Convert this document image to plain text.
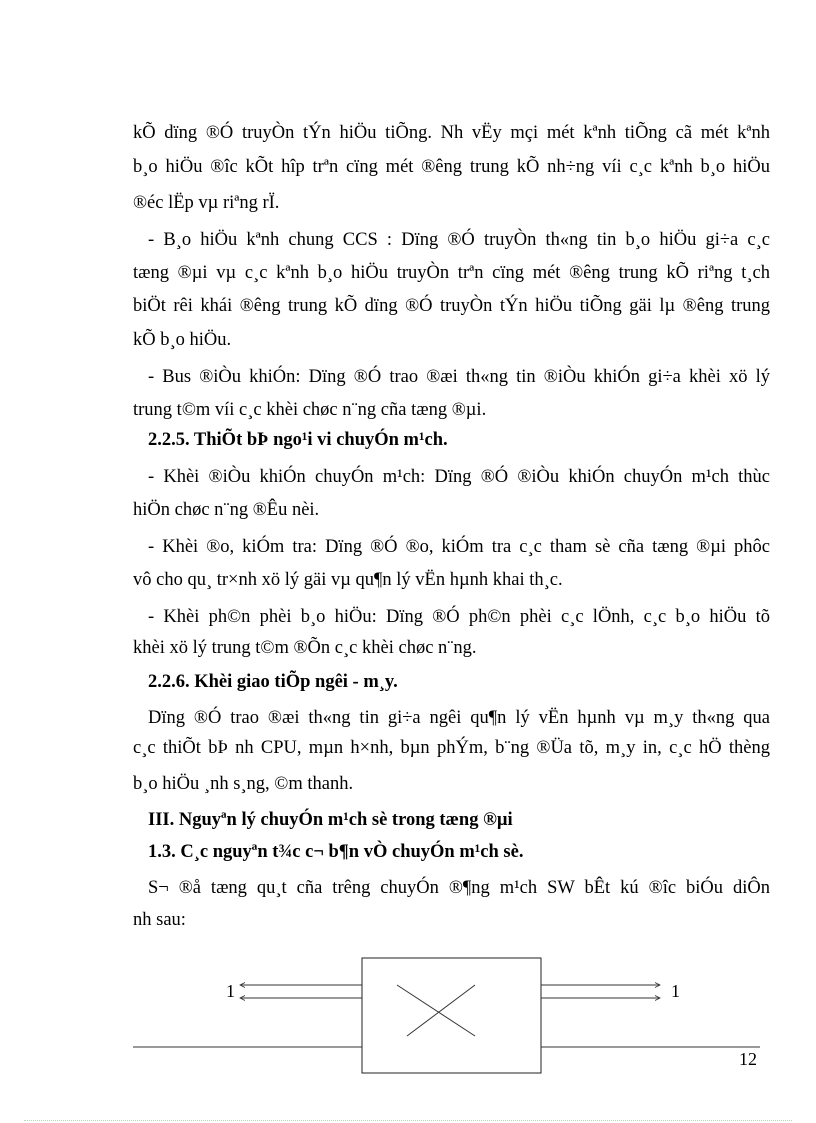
kÕ dïng ®Ó truyÒn tÝn hiÖu tiÕng. Nh vËy mçi mét kªnh tiÕng cã mét kªnh
b¸o hiÖu ®îc kÕt hîp trªn cïng mét ®êng trung kÕ nh÷ng víi c¸c kªnh b¸o hiÖu
®éc lËp vµ riªng rÏ.
- B¸o hiÖu kªnh chung CCS : Dïng ®Ó truyÒn th«ng tin b¸o hiÖu gi÷a c¸c
tæng ®µi vµ c¸c kªnh b¸o hiÖu truyÒn trªn cïng mét ®êng trung kÕ riªng t¸ch
biÖt rêi khái ®êng trung kÕ dïng ®Ó truyÒn tÝn hiÖu tiÕng gäi lµ ®êng trung
kÕ b¸o hiÖu.
- Bus ®iÒu khiÓn: Dïng ®Ó trao ®æi th«ng tin ®iÒu khiÓn gi÷a khèi xö lý
trung t©m víi c¸c khèi chøc n¨ng cña tæng ®µi.
2.2.5. ThiÕt bÞ ngo¹i vi chuyÓn m¹ch.
- Khèi ®iÒu khiÓn chuyÓn m¹ch: Dïng ®Ó ®iÒu khiÓn chuyÓn m¹ch thùc
hiÖn chøc n¨ng ®Êu nèi.
- Khèi ®o, kiÓm tra: Dïng ®Ó ®o, kiÓm tra c¸c tham sè cña tæng ®µi phôc
vô cho qu¸ tr×nh xö lý gäi vµ qu¶n lý vËn hµnh khai th¸c.
- Khèi ph©n phèi b¸o hiÖu: Dïng ®Ó ph©n phèi c¸c lÖnh, c¸c b¸o hiÖu tõ
khèi xö lý trung t©m ®Õn c¸c khèi chøc n¨ng.
2.2.6. Khèi giao tiÕp ngêi - m¸y.
Dïng ®Ó trao ®æi th«ng tin gi÷a ngêi qu¶n lý vËn hµnh vµ m¸y th«ng qua
c¸c thiÕt bÞ nh CPU, mµn h×nh, bµn phÝm, b¨ng ®Üa tõ, m¸y in, c¸c hÖ thèng
b¸o hiÖu ¸nh s¸ng, ©m thanh.
III. Nguyªn lý chuyÓn m¹ch sè trong tæng ®µi
1.3. C¸c nguyªn t¾c c¬ b¶n vÒ chuyÓn m¹ch sè.
S¬ ®å tæng qu¸t cña trêng chuyÓn ®¶ng m¹ch SW bÊt kú ®îc biÓu diÔn
nh sau:
1	1
12
